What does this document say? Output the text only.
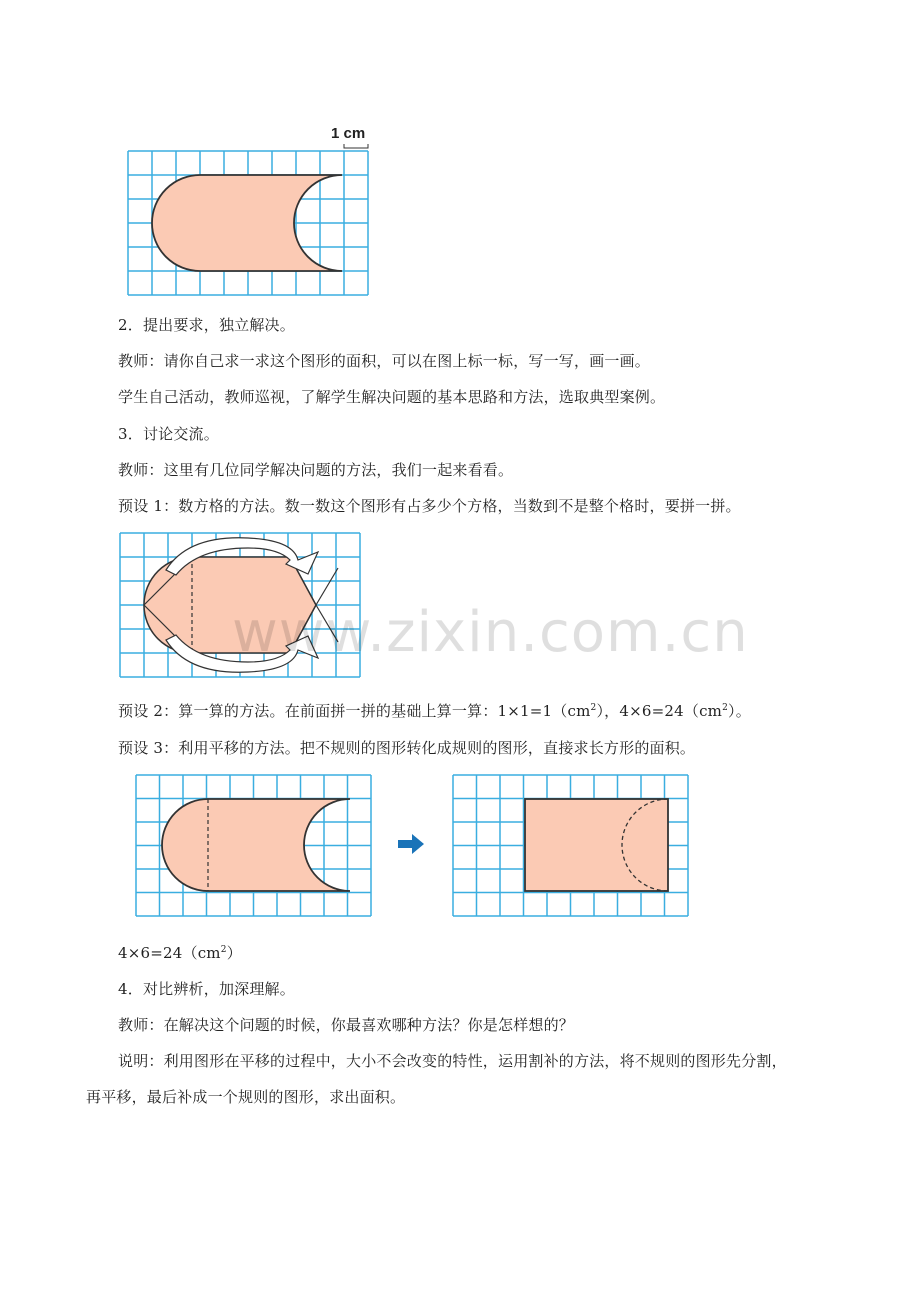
1 cm
2．提出要求，独立解决。
教师：请你自己求一求这个图形的面积，可以在图上标一标，写一写，画一画。
学生自己活动，教师巡视，了解学生解决问题的基本思路和方法，选取典型案例。
3．讨论交流。
教师：这里有几位同学解决问题的方法，我们一起来看看。
预设 1：数方格的方法。数一数这个图形有占多少个方格，当数到不是整个格时，要拼一拼。
预设 2：算一算的方法。在前面拼一拼的基础上算一算：$1\times 1=1(cm^2)$，$4\times 6=24(cm^2)$。
预设 3：利用平移的方法。把不规则的图形转化成规则的图形，直接求长方形的面积。
$4\times 6=24(cm^2)$
4．对比辨析，加深理解。
教师：在解决这个问题的时候，你最喜欢哪种方法？你是怎样想的？
说明：利用图形在平移的过程中，大小不会改变的特性，运用割补的方法，将不规则的图形先分割，
再平移，最后补成一个规则的图形，求出面积。
www.zixin.com.cn
